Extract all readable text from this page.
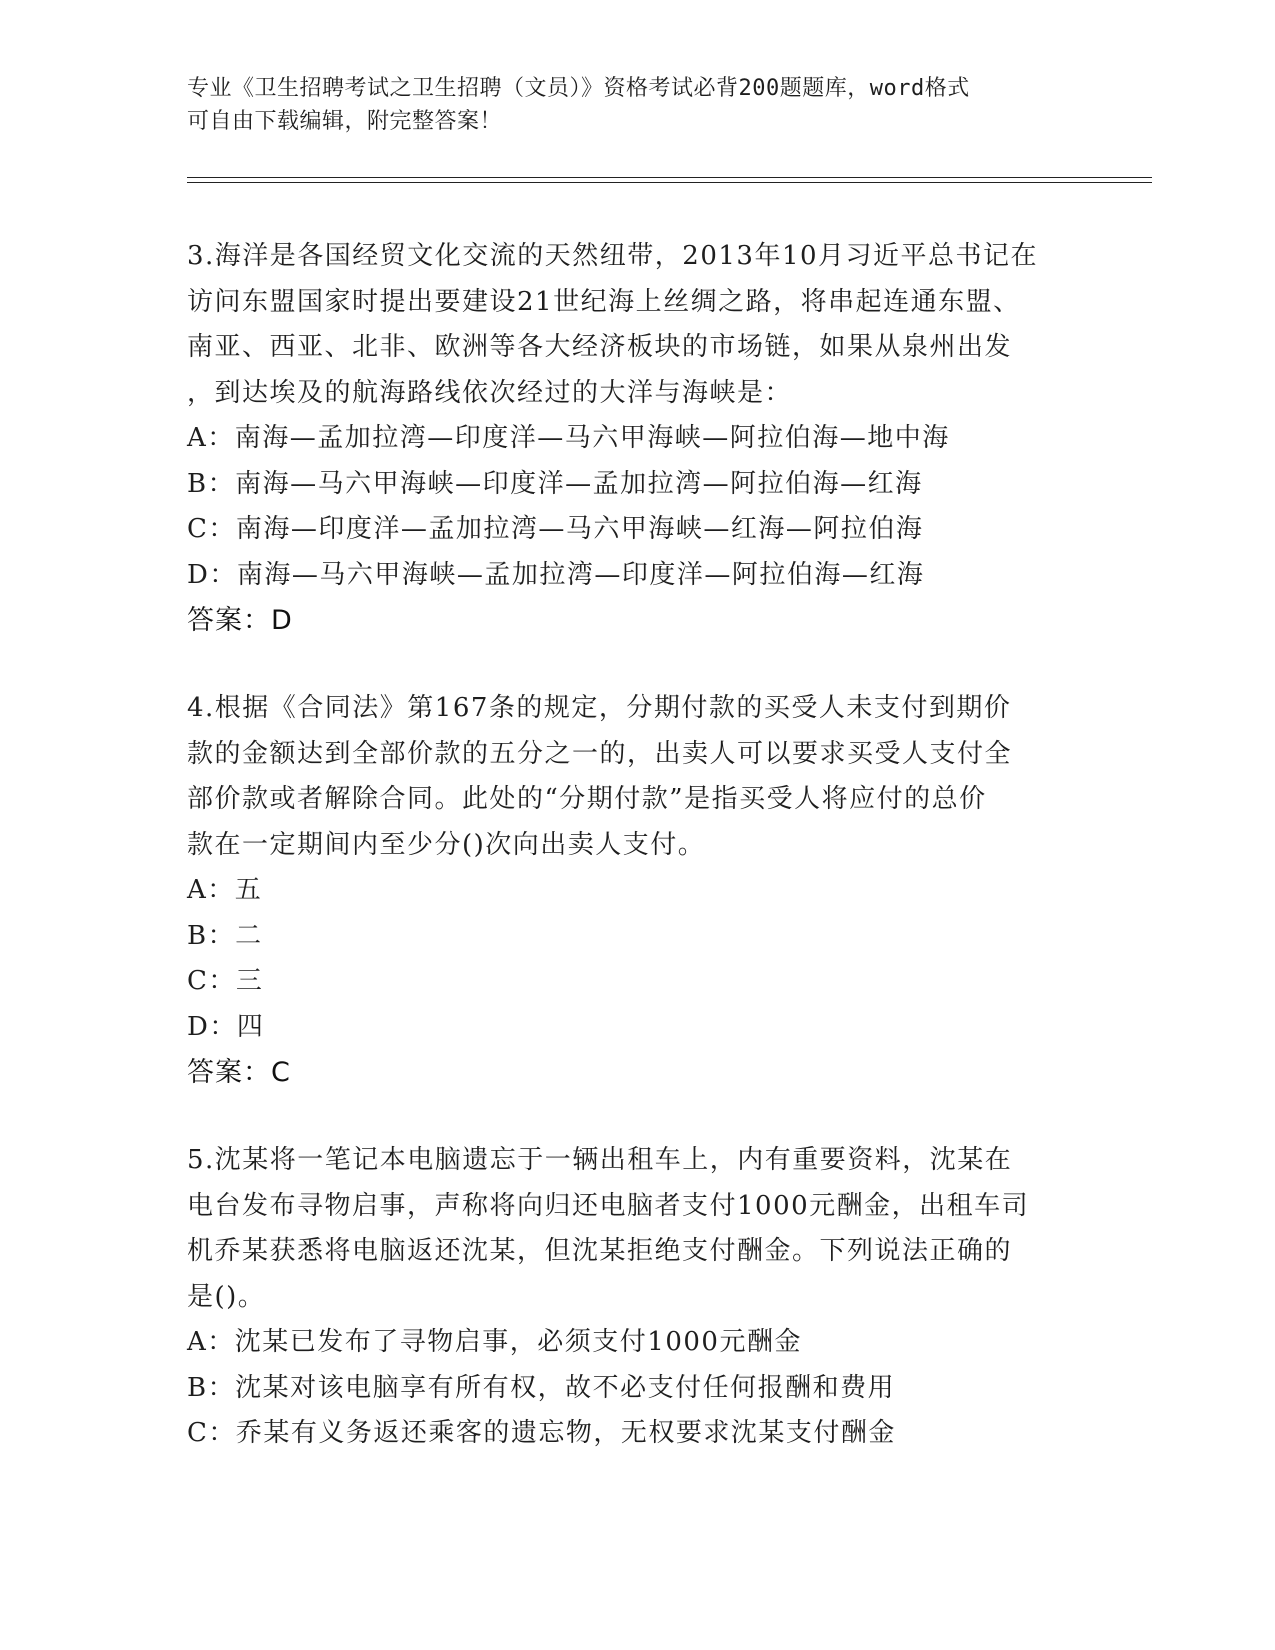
专业《卫生招聘考试之卫生招聘（文员）》资格考试必背200题题库，word格式
可自由下载编辑，附完整答案！
3.海洋是各国经贸文化交流的天然纽带，2013年10月习近平总书记在
访问东盟国家时提出要建设21世纪海上丝绸之路，将串起连通东盟、
南亚、西亚、北非、欧洲等各大经济板块的市场链，如果从泉州出发
，到达埃及的航海路线依次经过的大洋与海峡是：
A：南海—孟加拉湾—印度洋—马六甲海峡—阿拉伯海—地中海
B：南海—马六甲海峡—印度洋—孟加拉湾—阿拉伯海—红海
C：南海—印度洋—孟加拉湾—马六甲海峡—红海—阿拉伯海
D：南海—马六甲海峡—孟加拉湾—印度洋—阿拉伯海—红海
答案：D
4.根据《合同法》第167条的规定，分期付款的买受人未支付到期价
款的金额达到全部价款的五分之一的，出卖人可以要求买受人支付全
部价款或者解除合同。此处的“分期付款”是指买受人将应付的总价
款在一定期间内至少分()次向出卖人支付。
A：五
B：二
C：三
D：四
答案：C
5.沈某将一笔记本电脑遗忘于一辆出租车上，内有重要资料，沈某在
电台发布寻物启事，声称将向归还电脑者支付1000元酬金，出租车司
机乔某获悉将电脑返还沈某，但沈某拒绝支付酬金。下列说法正确的
是()。
A：沈某已发布了寻物启事，必须支付1000元酬金
B：沈某对该电脑享有所有权，故不必支付任何报酬和费用
C：乔某有义务返还乘客的遗忘物，无权要求沈某支付酬金
